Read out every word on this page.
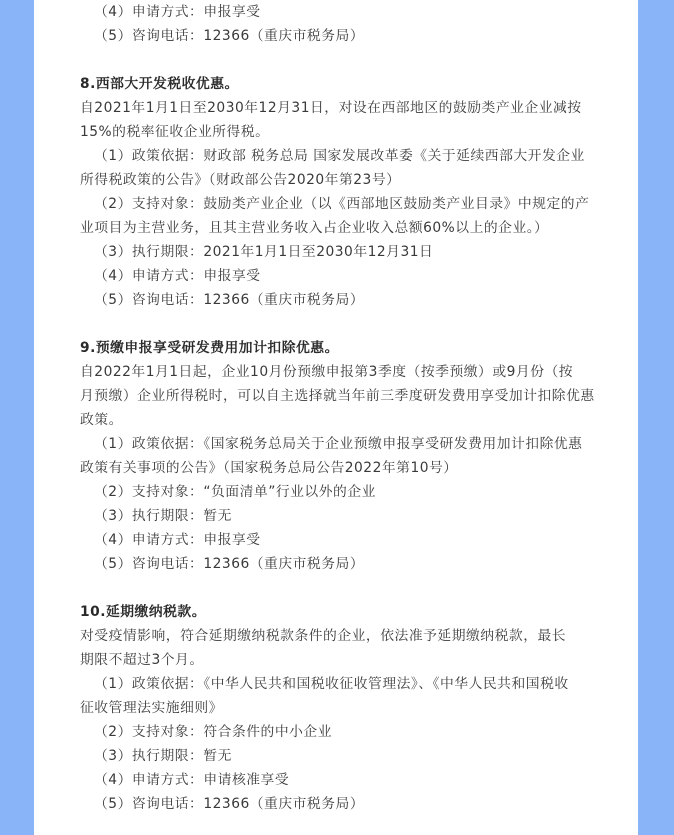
（4）申请方式：申报享受
（5）咨询电话：12366（重庆市税务局）
8.西部大开发税收优惠。
自2021年1月1日至2030年12月31日，对设在西部地区的鼓励类产业企业减按
15%的税率征收企业所得税。
（1）政策依据：财政部 税务总局 国家发展改革委《关于延续西部大开发企业
所得税政策的公告》（财政部公告2020年第23号）
（2）支持对象：鼓励类产业企业（以《西部地区鼓励类产业目录》中规定的产
业项目为主营业务，且其主营业务收入占企业收入总额60%以上的企业。）
（3）执行期限：2021年1月1日至2030年12月31日
（4）申请方式：申报享受
（5）咨询电话：12366（重庆市税务局）
9.预缴申报享受研发费用加计扣除优惠。
自2022年1月1日起，企业10月份预缴申报第3季度（按季预缴）或9月份（按
月预缴）企业所得税时，可以自主选择就当年前三季度研发费用享受加计扣除优惠
政策。
（1）政策依据：《国家税务总局关于企业预缴申报享受研发费用加计扣除优惠
政策有关事项的公告》（国家税务总局公告2022年第10号）
（2）支持对象：“负面清单”行业以外的企业
（3）执行期限：暂无
（4）申请方式：申报享受
（5）咨询电话：12366（重庆市税务局）
10.延期缴纳税款。
对受疫情影响，符合延期缴纳税款条件的企业，依法准予延期缴纳税款，最长
期限不超过3个月。
（1）政策依据：《中华人民共和国税收征收管理法》、《中华人民共和国税收
征收管理法实施细则》
（2）支持对象：符合条件的中小企业
（3）执行期限：暂无
（4）申请方式：申请核准享受
（5）咨询电话：12366（重庆市税务局）
